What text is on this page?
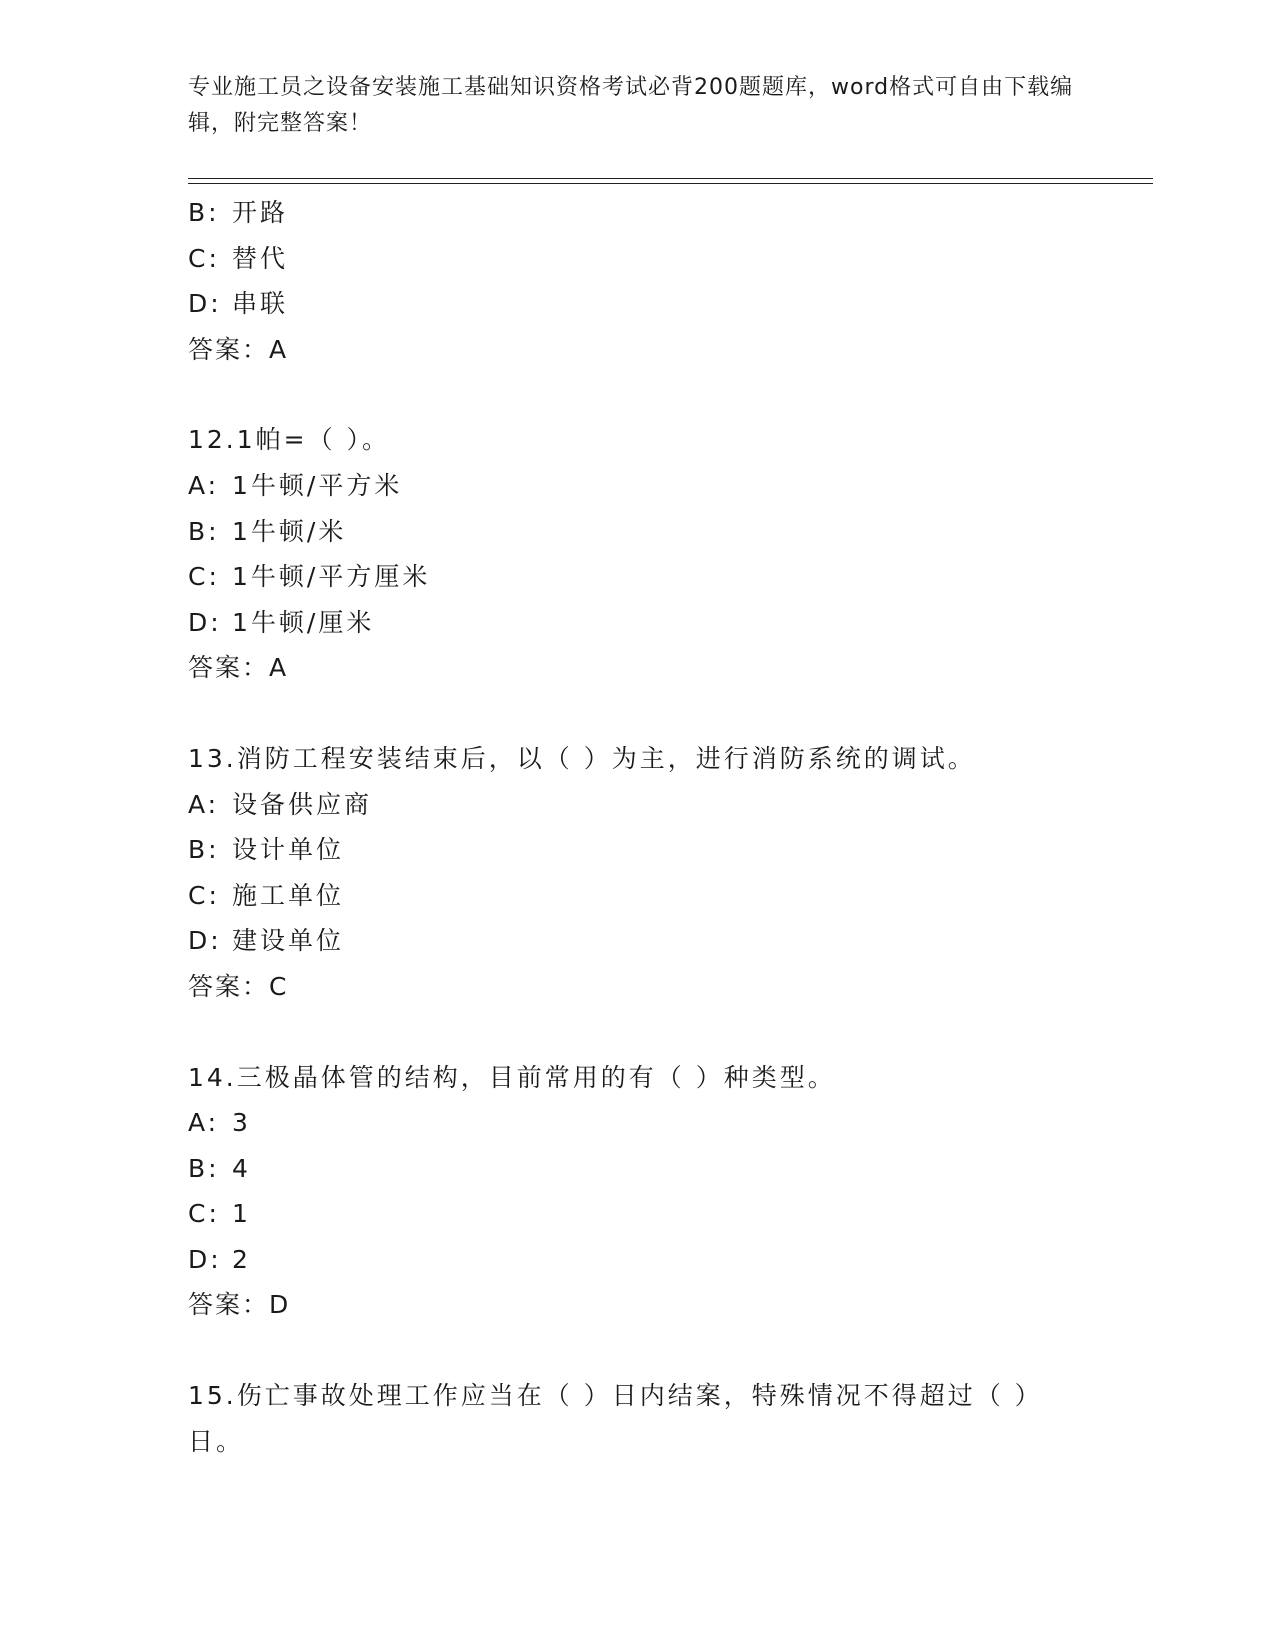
专业施工员之设备安装施工基础知识资格考试必背200题题库，word格式可自由下载编辑，附完整答案！
B: 开路
C: 替代
D: 串联
答案：A
12.1帕=（ ）。
A: 1牛顿/平方米
B: 1牛顿/米
C: 1牛顿/平方厘米
D: 1牛顿/厘米
答案：A
13.消防工程安装结束后，以（ ）为主，进行消防系统的调试。
A: 设备供应商
B: 设计单位
C: 施工单位
D: 建设单位
答案：C
14.三极晶体管的结构，目前常用的有（ ）种类型。
A: 3
B: 4
C: 1
D: 2
答案：D
15.伤亡事故处理工作应当在（ ）日内结案，特殊情况不得超过（ ）日。
